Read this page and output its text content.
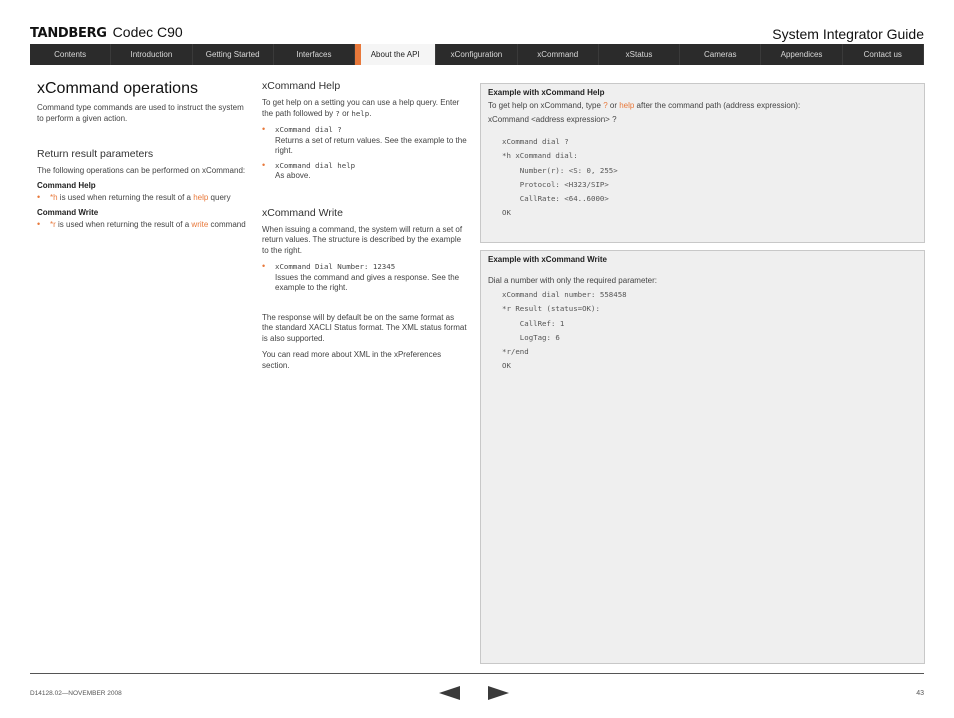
TANDBERG Codec C90	System Integrator Guide
Contents	Introduction	Getting Started	Interfaces	About the API	xConfiguration	xCommand	xStatus	Cameras	Appendices	Contact us
xCommand operations

Command type commands are used to instruct the system to perform a given action.

Return result parameters

The following operations can be performed on xCommand:

Command Help
• *h is used when returning the result of a help query
Command Write
• *r is used when returning the result of a write command
xCommand Help

To get help on a setting you can use a help query. Enter the path followed by ? or help.

• xCommand dial ?
Returns a set of return values. See the example to the right.
• xCommand dial help
As above.
xCommand Write

When issuing a command, the system will return a set of return values. The structure is described by the example to the right.

• xCommand Dial Number: 12345
Issues the command and gives a response. See the example to the right.

The response will by default be on the same format as the standard XACLI Status format. The XML status format is also supported.

You can read more about XML in the xPreferences section.

Example with xCommand Help
To get help on xCommand, type ? or help after the command path (address expression):
xCommand <address expression> ?
xCommand dial ?
*h xCommand dial:
Number(r): <S: 0, 255>
Protocol: <H323/SIP>
CallRate: <64..6000>
OK
Example with xCommand Write
Dial a number with only the required parameter:
xCommand dial number: 558458
*r Result (status=OK):
CallRef: 1
LogTag: 6
*r/end
OK
D14128.02—NOVEMBER 2008	43
